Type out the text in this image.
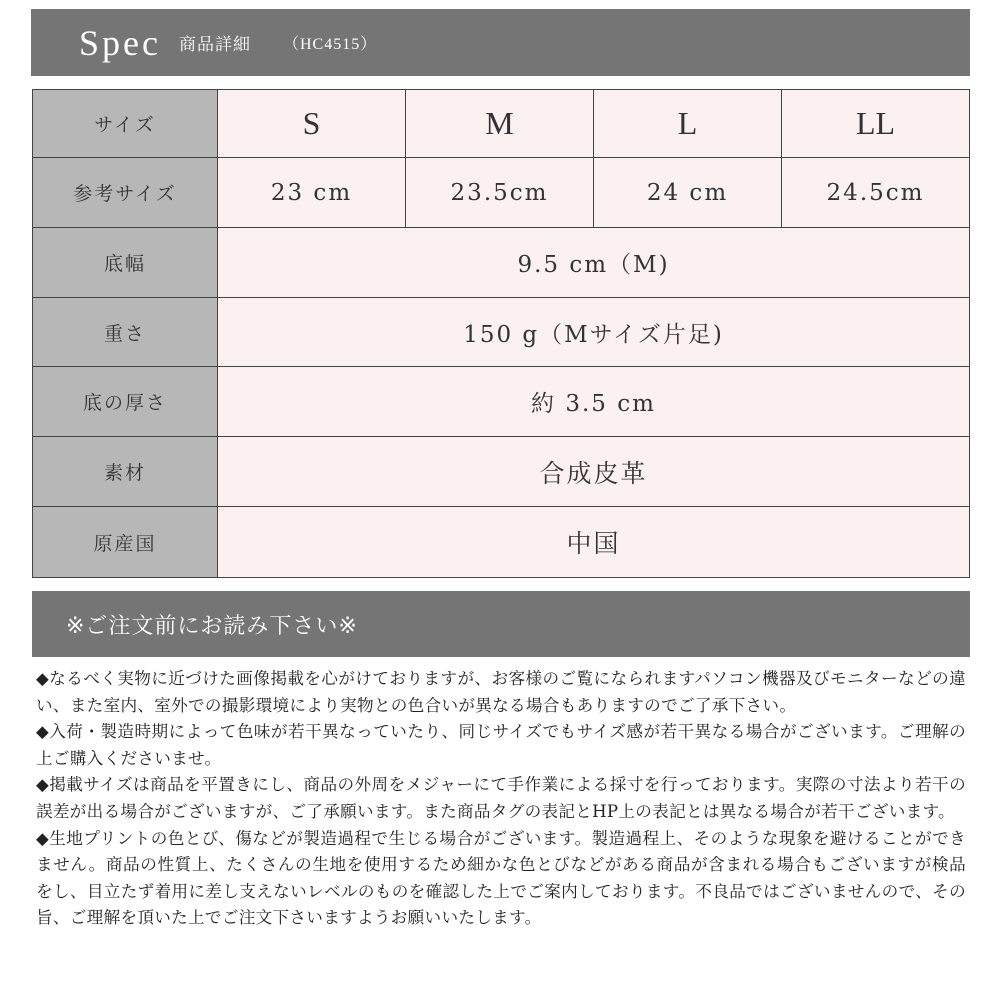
Spec 商品詳細 （HC4515）
サイズ	S	M	L	LL
参考サイズ	23 cm	23.5cm	24 cm	24.5cm
底幅	9.5 cm（M)			
重さ	150 g（Mサイズ片足)			
底の厚さ	約 3.5 cm			
素材	合成皮革			
原産国	中国			
※ご注文前にお読み下さい※

◆なるべく実物に近づけた画像掲載を心がけておりますが、お客様のご覧になられますパソコン機器及びモニターなどの違い、また室内、室外での撮影環境により実物との色合いが異なる場合もありますのでご了承下さい。

◆入荷・製造時期によって色味が若干異なっていたり、同じサイズでもサイズ感が若干異なる場合がございます。ご理解の上ご購入くださいませ。

◆掲載サイズは商品を平置きにし、商品の外周をメジャーにて手作業による採寸を行っております。実際の寸法より若干の誤差が出る場合がございますが、ご了承願います。また商品タグの表記とHP上の表記とは異なる場合が若干ございます。

◆生地プリントの色とび、傷などが製造過程で生じる場合がございます。製造過程上、そのような現象を避けることができません。商品の性質上、たくさんの生地を使用するため細かな色とびなどがある商品が含まれる場合もございますが検品をし、目立たず着用に差し支えないレベルのものを確認した上でご案内しております。不良品ではございませんので、その旨、ご理解を頂いた上でご注文下さいますようお願いいたします。
